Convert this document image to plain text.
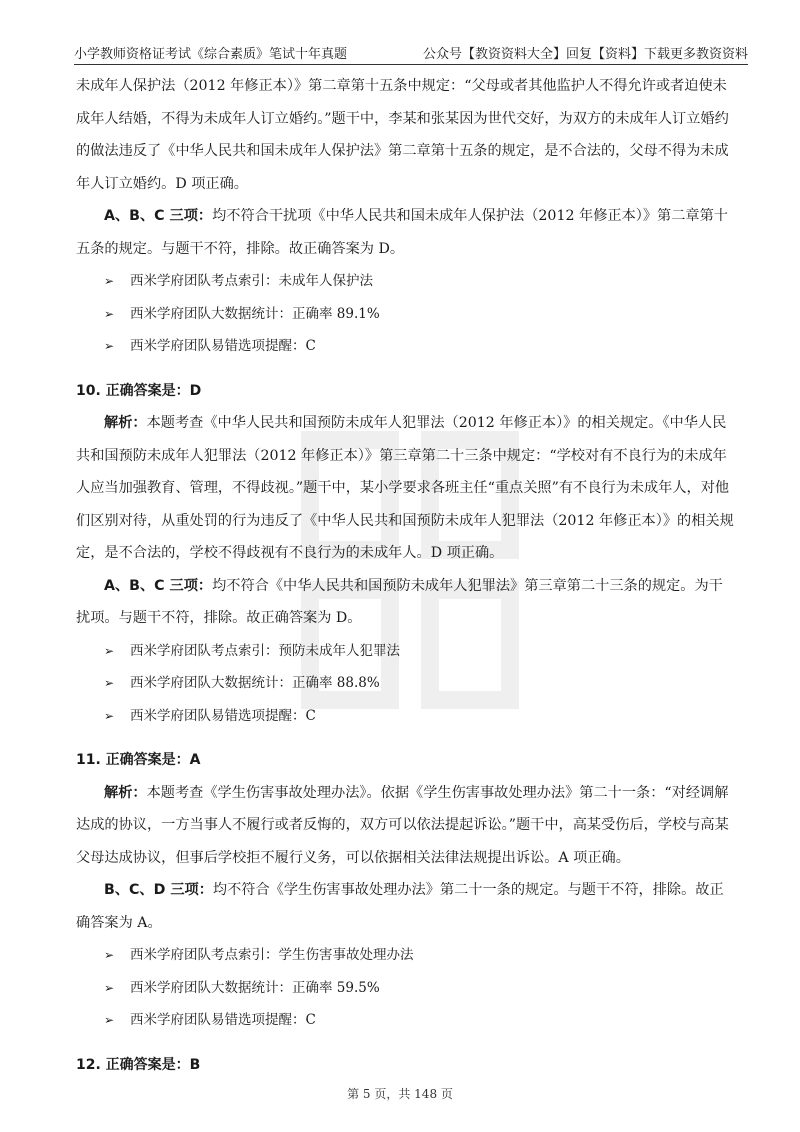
小学教师资格证考试《综合素质》笔试十年真题	公众号【教资资料大全】回复【资料】下载更多教资资料

未成年人保护法（2012 年修正本）》第二章第十五条中规定：“父母或者其他监护人不得允许或者迫使未成年人结婚，不得为未成年人订立婚约。”题干中，李某和张某因为世代交好，为双方的未成年人订立婚约的做法违反了《中华人民共和国未成年人保护法》第二章第十五条的规定，是不合法的，父母不得为未成年人订立婚约。D 项正确。

A、B、C 三项：均不符合干扰项《中华人民共和国未成年人保护法（2012 年修正本）》第二章第十五条的规定。与题干不符，排除。故正确答案为 D。

➢	西米学府团队考点索引：未成年人保护法

➢	西米学府团队大数据统计：正确率 89.1%

➢	西米学府团队易错选项提醒：C

10. 正确答案是：D

解析：本题考查《中华人民共和国预防未成年人犯罪法（2012 年修正本）》的相关规定。《中华人民共和国预防未成年人犯罪法（2012 年修正本）》第三章第二十三条中规定：“学校对有不良行为的未成年人应当加强教育、管理，不得歧视。”题干中，某小学要求各班主任“重点关照”有不良行为未成年人，对他们区别对待，从重处罚的行为违反了《中华人民共和国预防未成年人犯罪法（2012 年修正本）》的相关规定，是不合法的，学校不得歧视有不良行为的未成年人。D 项正确。

A、B、C 三项：均不符合《中华人民共和国预防未成年人犯罪法》第三章第二十三条的规定。为干扰项。与题干不符，排除。故正确答案为 D。

➢	西米学府团队考点索引：预防未成年人犯罪法

➢	西米学府团队大数据统计：正确率 88.8%

➢	西米学府团队易错选项提醒：C

11. 正确答案是：A

解析：本题考查《学生伤害事故处理办法》。依据《学生伤害事故处理办法》第二十一条：“对经调解达成的协议，一方当事人不履行或者反悔的，双方可以依法提起诉讼。”题干中，高某受伤后，学校与高某父母达成协议，但事后学校拒不履行义务，可以依据相关法律法规提出诉讼。A 项正确。

B、C、D 三项：均不符合《学生伤害事故处理办法》第二十一条的规定。与题干不符，排除。故正确答案为 A。

➢	西米学府团队考点索引：学生伤害事故处理办法

➢	西米学府团队大数据统计：正确率 59.5%

➢	西米学府团队易错选项提醒：C

12. 正确答案是：B

第 5 页，共 148 页
